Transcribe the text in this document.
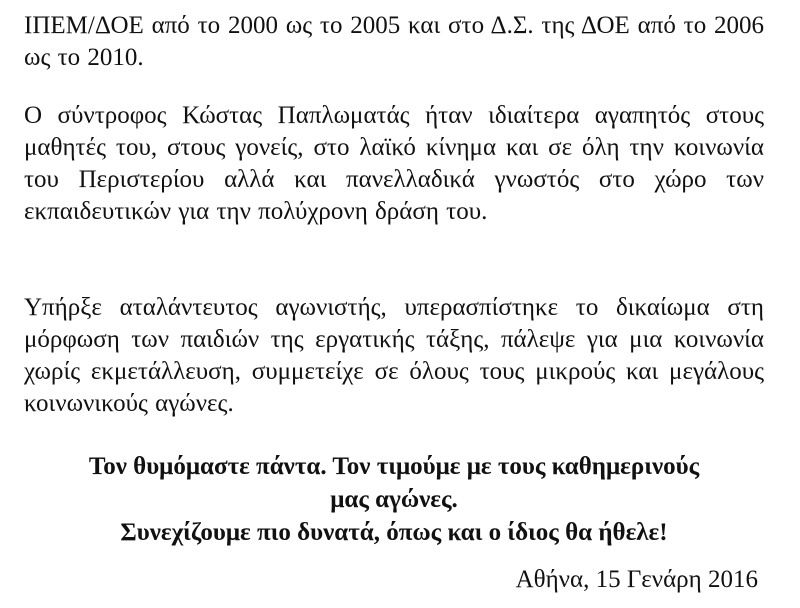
ΙΠΕΜ/ΔΟΕ από το 2000 ως το 2005 και στο Δ.Σ. της ΔΟΕ από το 2006 ως το 2010.

Ο σύντροφος Κώστας Παπλωματάς ήταν ιδιαίτερα αγαπητός στους μαθητές του, στους γονείς, στο λαϊκό κίνημα και σε όλη την κοινωνία του Περιστερίου αλλά και πανελλαδικά γνωστός στο χώρο των εκπαιδευτικών για την πολύχρονη δράση του.

Υπήρξε αταλάντευτος αγωνιστής, υπερασπίστηκε το δικαίωμα στη μόρφωση των παιδιών της εργατικής τάξης, πάλεψε για μια κοινωνία χωρίς εκμετάλλευση, συμμετείχε σε όλους τους μικρούς και μεγάλους κοινωνικούς αγώνες.

Τον θυμόμαστε πάντα. Τον τιμούμε με τους καθημερινούς
μας αγώνες.
Συνεχίζουμε πιο δυνατά, όπως και ο ίδιος θα ήθελε!
Αθήνα, 15 Γενάρη 2016
